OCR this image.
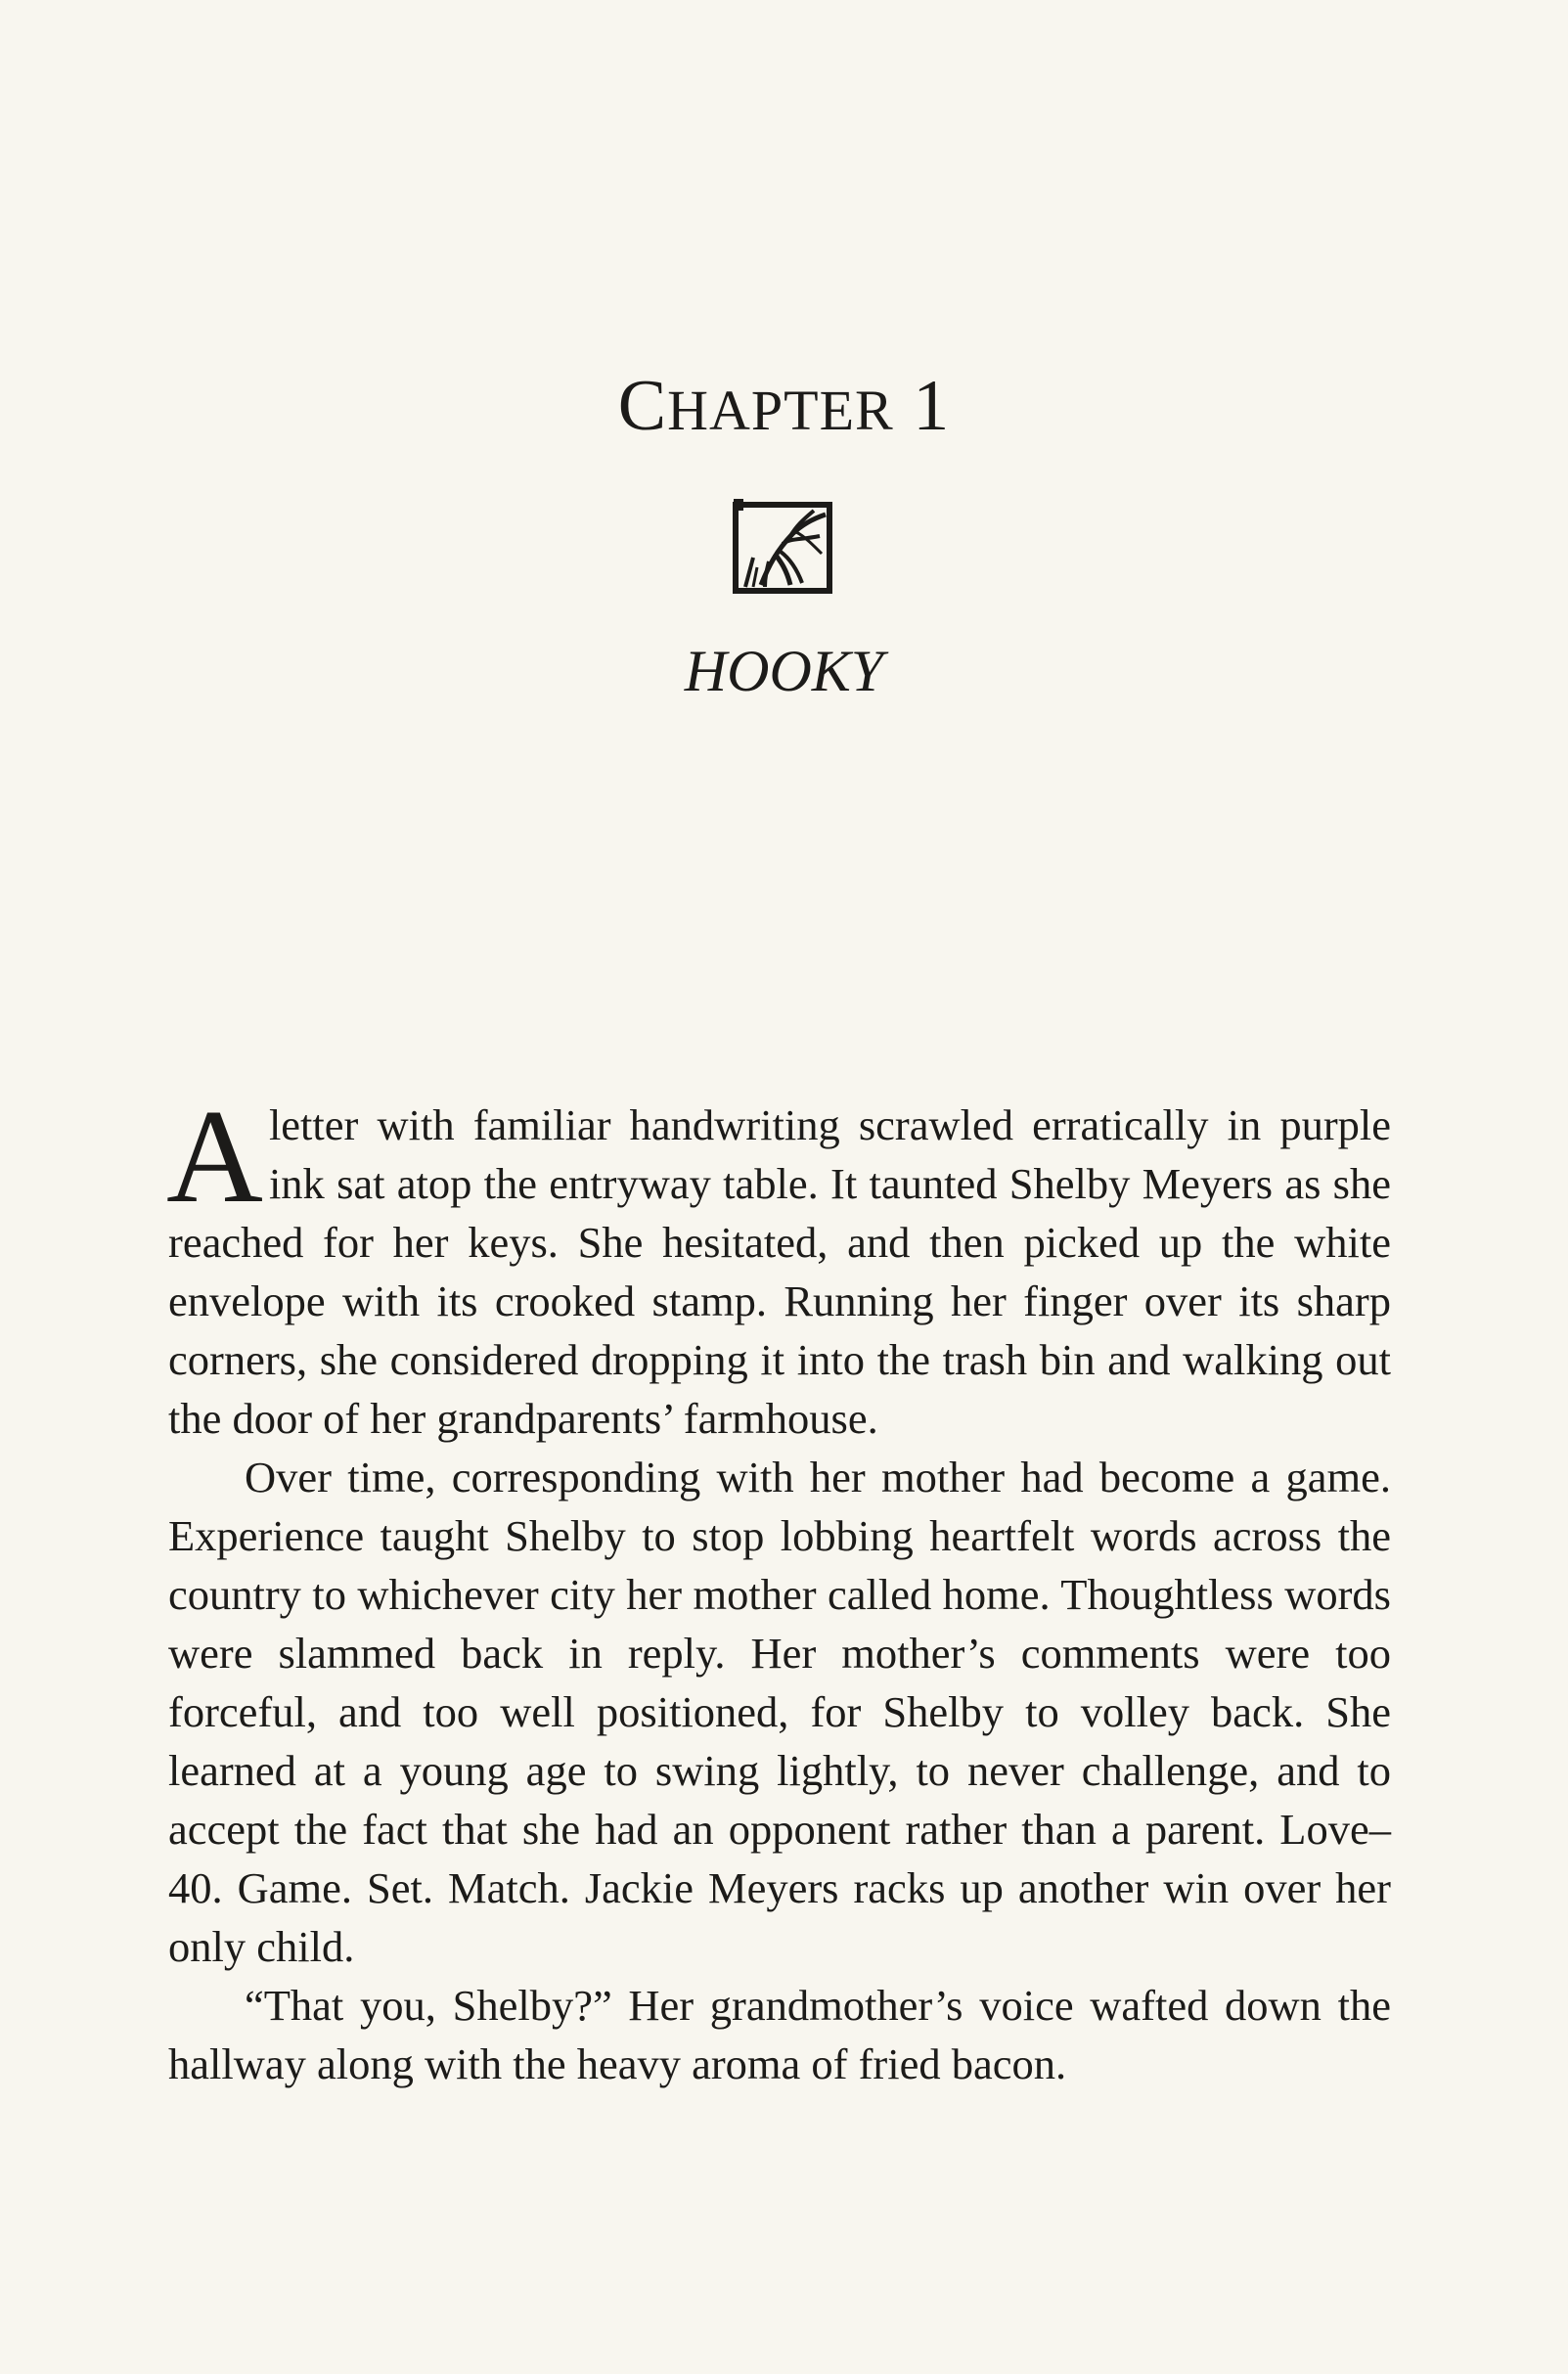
CHAPTER 1
HOOKY

Aletter with familiar handwriting scrawled erratically in purple ink sat atop the entryway table. It taunted Shelby Meyers as she reached for her keys. She hesitated, and then picked up the white envelope with its crooked stamp. Running her finger over its sharp corners, she considered dropping it into the trash bin and walking out the door of her grandparents’ farmhouse.

Over time, corresponding with her mother had become a game. Experience taught Shelby to stop lobbing heartfelt words across the country to whichever city her mother called home. Thoughtless words were slammed back in reply. Her mother’s comments were too forceful, and too well positioned, for Shelby to volley back. She learned at a young age to swing lightly, to never challenge, and to accept the fact that she had an opponent rather than a parent. Love–40. Game. Set. Match. Jackie Meyers racks up another win over her only child.

“That you, Shelby?” Her grandmother’s voice wafted down the hallway along with the heavy aroma of fried bacon.
